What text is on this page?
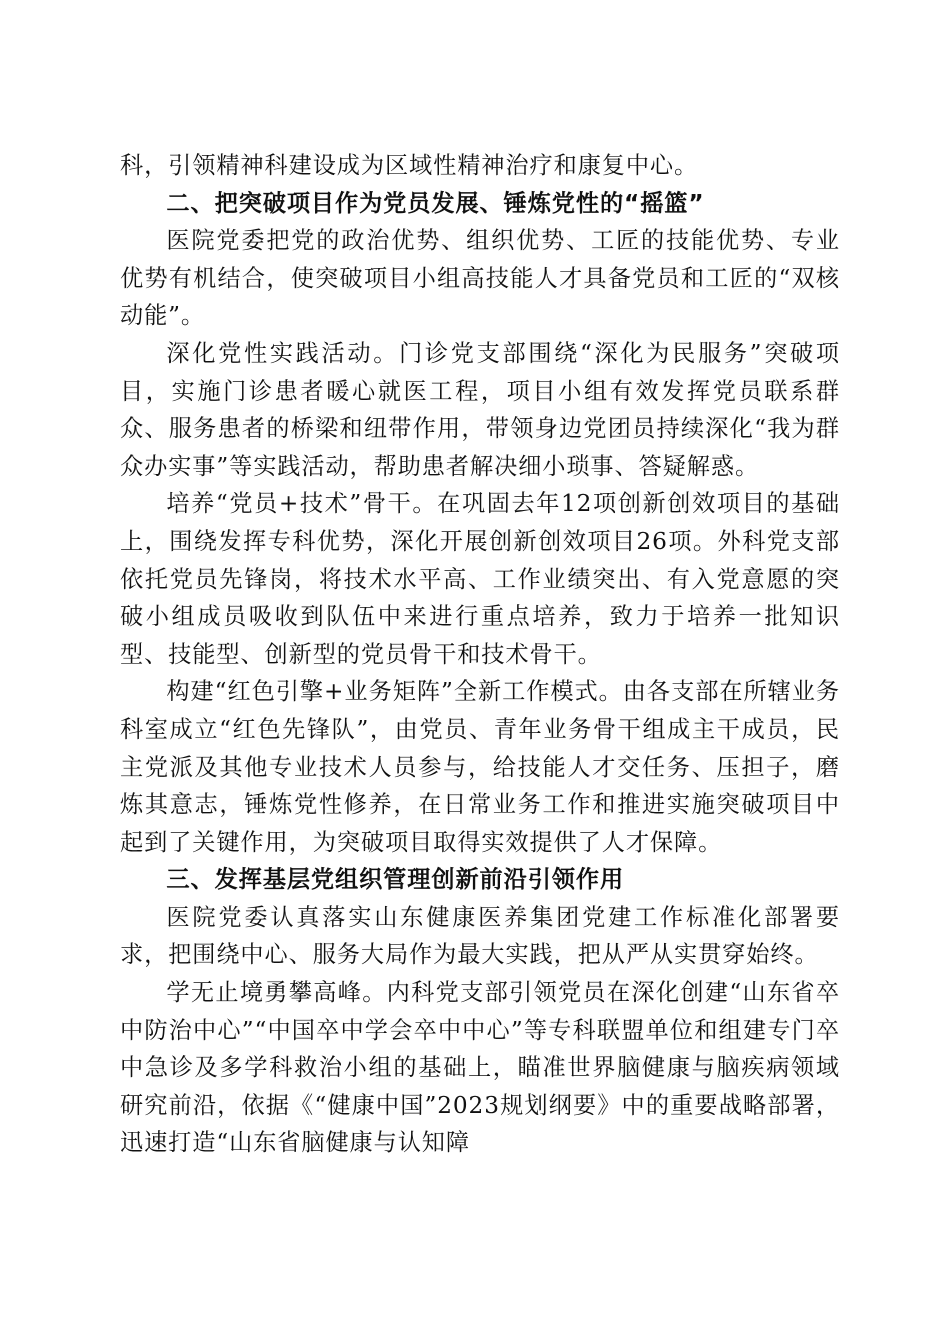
科，引领精神科建设成为区域性精神治疗和康复中心。

二、把突破项目作为党员发展、锤炼党性的“摇篮”

医院党委把党的政治优势、组织优势、工匠的技能优势、专业优势有机结合，使突破项目小组高技能人才具备党员和工匠的“双核动能”。

深化党性实践活动。门诊党支部围绕“深化为民服务”突破项目，实施门诊患者暖心就医工程，项目小组有效发挥党员联系群众、服务患者的桥梁和纽带作用，带领身边党团员持续深化“我为群众办实事”等实践活动，帮助患者解决细小琐事、答疑解惑。

培养“党员+技术”骨干。在巩固去年12项创新创效项目的基础上，围绕发挥专科优势，深化开展创新创效项目26项。外科党支部依托党员先锋岗，将技术水平高、工作业绩突出、有入党意愿的突破小组成员吸收到队伍中来进行重点培养，致力于培养一批知识型、技能型、创新型的党员骨干和技术骨干。

构建“红色引擎+业务矩阵”全新工作模式。由各支部在所辖业务科室成立“红色先锋队”，由党员、青年业务骨干组成主干成员，民主党派及其他专业技术人员参与，给技能人才交任务、压担子，磨炼其意志，锤炼党性修养，在日常业务工作和推进实施突破项目中起到了关键作用，为突破项目取得实效提供了人才保障。

三、发挥基层党组织管理创新前沿引领作用

医院党委认真落实山东健康医养集团党建工作标准化部署要求，把围绕中心、服务大局作为最大实践，把从严从实贯穿始终。

学无止境勇攀高峰。内科党支部引领党员在深化创建“山东省卒中防治中心”“中国卒中学会卒中中心”等专科联盟单位和组建专门卒中急诊及多学科救治小组的基础上，瞄准世界脑健康与脑疾病领域研究前沿，依据《“健康中国”2023规划纲要》中的重要战略部署，迅速打造“山东省脑健康与认知障
